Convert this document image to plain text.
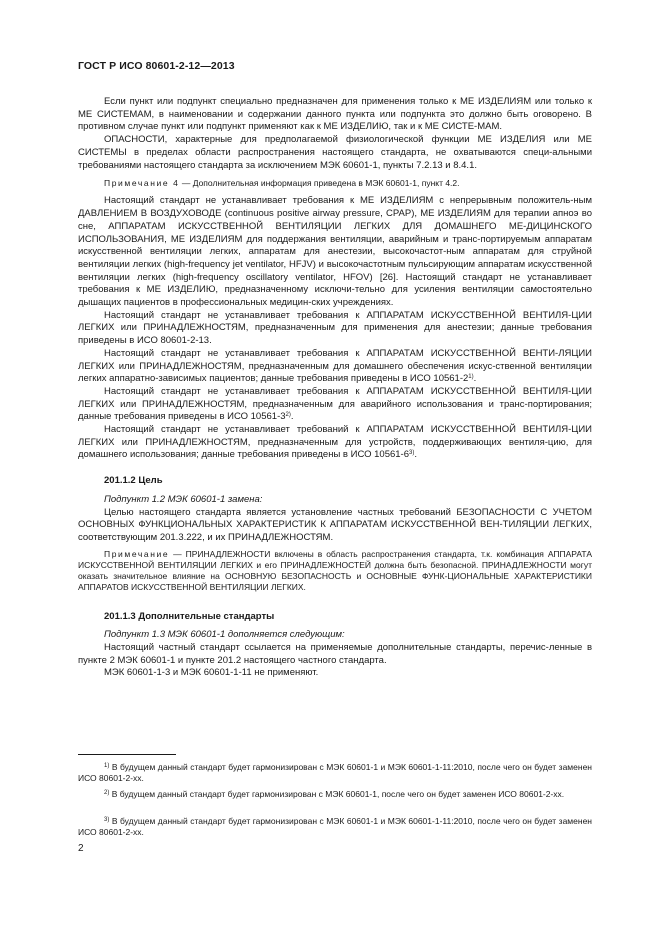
ГОСТ Р ИСО 80601-2-12—2013

Если пункт или подпункт специально предназначен для применения только к МЕ ИЗДЕЛИЯМ или только к МЕ СИСТЕМАМ, в наименовании и содержании данного пункта или подпункта это должно быть оговорено. В противном случае пункт или подпункт применяют как к МЕ ИЗДЕЛИЮ, так и к МЕ СИСТЕ-МАМ.

ОПАСНОСТИ, характерные для предполагаемой физиологической функции МЕ ИЗДЕЛИЯ или МЕ СИСТЕМЫ в пределах области распространения настоящего стандарта, не охватываются специ-альными требованиями настоящего стандарта за исключением МЭК 60601-1, пункты 7.2.13 и 8.4.1.

Примечание 4 — Дополнительная информация приведена в МЭК 60601-1, пункт 4.2.

Настоящий стандарт не устанавливает требования к МЕ ИЗДЕЛИЯМ с непрерывным положитель-ным ДАВЛЕНИЕМ В ВОЗДУХОВОДЕ (continuous positive airway pressure, CPAP), МЕ ИЗДЕЛИЯМ для терапии апноэ во сне, АППАРАТАМ ИСКУССТВЕННОЙ ВЕНТИЛЯЦИИ ЛЕГКИХ ДЛЯ ДОМАШНЕГО МЕ-ДИЦИНСКОГО ИСПОЛЬЗОВАНИЯ, МЕ ИЗДЕЛИЯМ для поддержания вентиляции, аварийным и транс-портируемым аппаратам искусственной вентиляции легких, аппаратам для анестезии, высокочастот-ным аппаратам для струйной вентиляции легких (high-frequency jet ventilator, HFJV) и высокочастотным пульсирующим аппаратам искусственной вентиляции легких (high-frequency oscillatory ventilator, HFOV) [26]. Настоящий стандарт не устанавливает требования к МЕ ИЗДЕЛИЮ, предназначенному исключи-тельно для усиления вентиляции самостоятельно дышащих пациентов в профессиональных медицин-ских учреждениях.

Настоящий стандарт не устанавливает требования к АППАРАТАМ ИСКУССТВЕННОЙ ВЕНТИЛЯ-ЦИИ ЛЕГКИХ или ПРИНАДЛЕЖНОСТЯМ, предназначенным для применения для анестезии; данные требования приведены в ИСО 80601-2-13.

Настоящий стандарт не устанавливает требования к АППАРАТАМ ИСКУССТВЕННОЙ ВЕНТИ-ЛЯЦИИ ЛЕГКИХ или ПРИНАДЛЕЖНОСТЯМ, предназначенным для домашнего обеспечения искус-ственной вентиляции легких аппаратно-зависимых пациентов; данные требования приведены в ИСО 10561-2$^{1)}$.

Настоящий стандарт не устанавливает требования к АППАРАТАМ ИСКУССТВЕННОЙ ВЕНТИЛЯ-ЦИИ ЛЕГКИХ или ПРИНАДЛЕЖНОСТЯМ, предназначенным для аварийного использования и транс-портирования; данные требования приведены в ИСО 10561-3$^{2)}$.

Настоящий стандарт не устанавливает требований к АППАРАТАМ ИСКУССТВЕННОЙ ВЕНТИЛЯ-ЦИИ ЛЕГКИХ или ПРИНАДЛЕЖНОСТЯМ, предназначенным для устройств, поддерживающих вентиля-цию, для домашнего использования; данные требования приведены в ИСО 10561-6$^{3)}$.

201.1.2 Цель

Подпункт 1.2 МЭК 60601-1 замена:

Целью настоящего стандарта является установление частных требований БЕЗОПАСНОСТИ С УЧЕТОМ ОСНОВНЫХ ФУНКЦИОНАЛЬНЫХ ХАРАКТЕРИСТИК К АППАРАТАМ ИСКУССТВЕННОЙ ВЕН-ТИЛЯЦИИ ЛЕГКИХ, соответствующим 201.3.222, и их ПРИНАДЛЕЖНОСТЯМ.

Примечание — ПРИНАДЛЕЖНОСТИ включены в область распространения стандарта, т.к. комбинация АППАРАТА ИСКУССТВЕННОЙ ВЕНТИЛЯЦИИ ЛЕГКИХ и его ПРИНАДЛЕЖНОСТЕЙ должна быть безопасной. ПРИНАДЛЕЖНОСТИ могут оказать значительное влияние на ОСНОВНУЮ БЕЗОПАСНОСТЬ и ОСНОВНЫЕ ФУНК-ЦИОНАЛЬНЫЕ ХАРАКТЕРИСТИКИ АППАРАТОВ ИСКУССТВЕННОЙ ВЕНТИЛЯЦИИ ЛЕГКИХ.

201.1.3 Дополнительные стандарты

Подпункт 1.3 МЭК 60601-1 дополняется следующим:

Настоящий частный стандарт ссылается на применяемые дополнительные стандарты, перечис-ленные в пункте 2 МЭК 60601-1 и пункте 201.2 настоящего частного стандарта.

МЭК 60601-1-3 и МЭК 60601-1-11 не применяют.

$^{1)}$ В будущем данный стандарт будет гармонизирован с МЭК 60601-1 и МЭК 60601-1-11:2010, после чего он будет заменен ИСО 80601-2-хх.

$^{2)}$ В будущем данный стандарт будет гармонизирован с МЭК 60601-1, после чего он будет заменен ИСО 80601-2-хх.

$^{3)}$ В будущем данный стандарт будет гармонизирован с МЭК 60601-1 и МЭК 60601-1-11:2010, после чего он будет заменен ИСО 80601-2-хх.

2
